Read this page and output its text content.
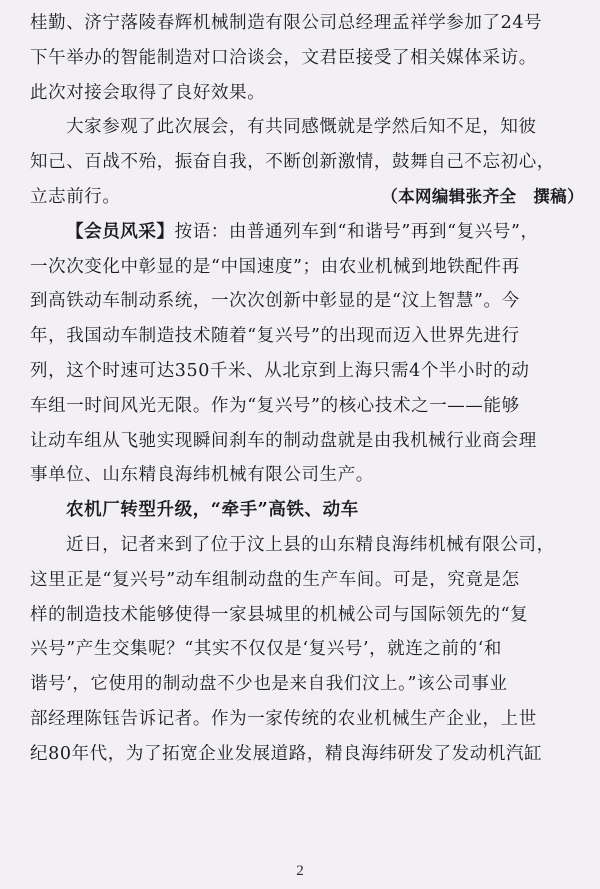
桂勤、济宁落陵春辉机械制造有限公司总经理孟祥学参加了24号
下午举办的智能制造对口洽谈会，文君臣接受了相关媒体采访。
此次对接会取得了良好效果。
大家参观了此次展会，有共同感慨就是学然后知不足，知彼
知己、百战不殆，振奋自我，不断创新激情，鼓舞自己不忘初心，
立志前行。	（本网编辑张齐全　撰稿）
【会员风采】按语：由普通列车到“和谐号”再到“复兴号”，
一次次变化中彰显的是“中国速度”；由农业机械到地铁配件再
到高铁动车制动系统，一次次创新中彰显的是“汶上智慧”。今
年，我国动车制造技术随着“复兴号”的出现而迈入世界先进行
列，这个时速可达350千米、从北京到上海只需4个半小时的动
车组一时间风光无限。作为“复兴号”的核心技术之一——能够
让动车组从飞驰实现瞬间刹车的制动盘就是由我机械行业商会理
事单位、山东精良海纬机械有限公司生产。
农机厂转型升级，“牵手”高铁、动车
近日，记者来到了位于汶上县的山东精良海纬机械有限公司，
这里正是“复兴号”动车组制动盘的生产车间。可是，究竟是怎
样的制造技术能够使得一家县城里的机械公司与国际领先的“复
兴号”产生交集呢？“其实不仅仅是‘复兴号’，就连之前的‘和
谐号’，它使用的制动盘不少也是来自我们汶上。”该公司事业
部经理陈钰告诉记者。作为一家传统的农业机械生产企业，上世
纪80年代，为了拓宽企业发展道路，精良海纬研发了发动机汽缸
2
